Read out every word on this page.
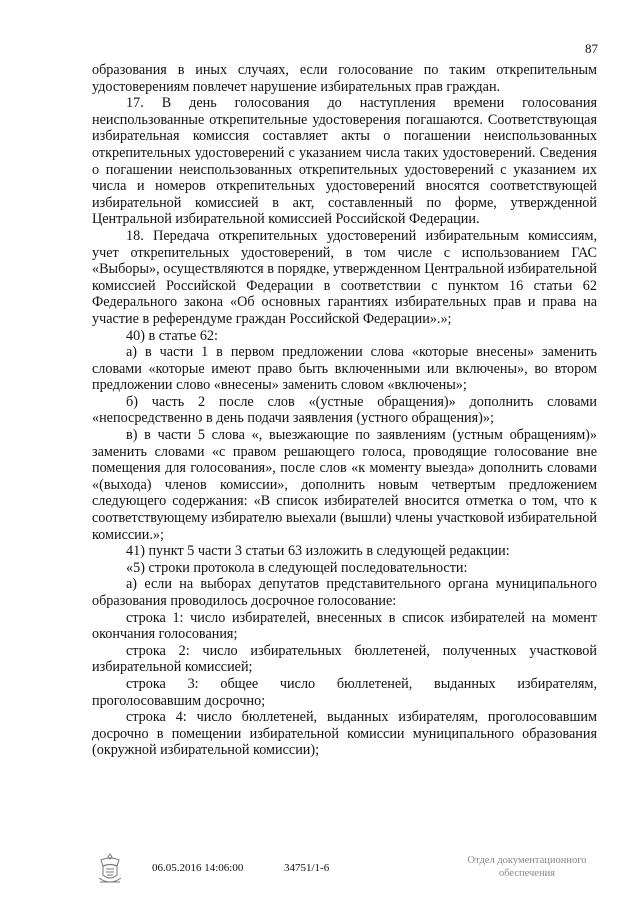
87

образования в иных случаях, если голосование по таким открепительным удостоверениям повлечет нарушение избирательных прав граждан.

17. В день голосования до наступления времени голосования неиспользованные открепительные удостоверения погашаются. Соответствующая избирательная комиссия составляет акты о погашении неиспользованных открепительных удостоверений с указанием числа таких удостоверений. Сведения о погашении неиспользованных открепительных удостоверений с указанием их числа и номеров открепительных удостоверений вносятся соответствующей избирательной комиссией в акт, составленный по форме, утвержденной Центральной избирательной комиссией Российской Федерации.

18. Передача открепительных удостоверений избирательным комиссиям, учет открепительных удостоверений, в том числе с использованием ГАС «Выборы», осуществляются в порядке, утвержденном Центральной избирательной комиссией Российской Федерации в соответствии с пунктом 16 статьи 62 Федерального закона «Об основных гарантиях избирательных прав и права на участие в референдуме граждан Российской Федерации».»;

40) в статье 62:

а) в части 1 в первом предложении слова «которые внесены» заменить словами «которые имеют право быть включенными или включены», во втором предложении слово «внесены» заменить словом «включены»;

б) часть 2 после слов «(устные обращения)» дополнить словами «непосредственно в день подачи заявления (устного обращения)»;

в) в части 5 слова «, выезжающие по заявлениям (устным обращениям)» заменить словами «с правом решающего голоса, проводящие голосование вне помещения для голосования», после слов «к моменту выезда» дополнить словами «(выхода) членов комиссии», дополнить новым четвертым предложением следующего содержания: «В список избирателей вносится отметка о том, что к соответствующему избирателю выехали (вышли) члены участковой избирательной комиссии.»;

41) пункт 5 части 3 статьи 63 изложить в следующей редакции:

«5) строки протокола в следующей последовательности:

а) если на выборах депутатов представительного органа муниципального образования проводилось досрочное голосование:

строка 1: число избирателей, внесенных в список избирателей на момент окончания голосования;

строка 2: число избирательных бюллетеней, полученных участковой избирательной комиссией;

строка 3: общее число бюллетеней, выданных избирателям, проголосовавшим досрочно;

строка 4: число бюллетеней, выданных избирателям, проголосовавшим досрочно в помещении избирательной комиссии муниципального образования (окружной избирательной комиссии);

06.05.2016 14:06:00	34751/1-6
Отдел документационного
обеспечения
